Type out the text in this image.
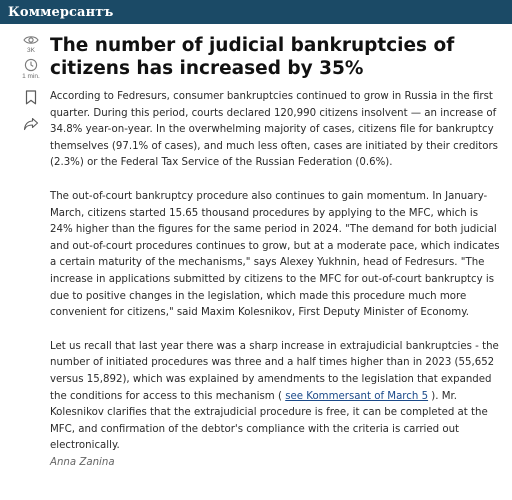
Коммерсантъ
3K
1 min.
The number of judicial bankruptcies of citizens has increased by 35%

According to Fedresurs, consumer bankruptcies continued to grow in Russia in the first quarter. During this period, courts declared 120,990 citizens insolvent — an increase of 34.8% year-on-year. In the overwhelming majority of cases, citizens file for bankruptcy themselves (97.1% of cases), and much less often, cases are initiated by their creditors (2.3%) or the Federal Tax Service of the Russian Federation (0.6%).

The out-of-court bankruptcy procedure also continues to gain momentum. In January-March, citizens started 15.65 thousand procedures by applying to the MFC, which is 24% higher than the figures for the same period in 2024. "The demand for both judicial and out-of-court procedures continues to grow, but at a moderate pace, which indicates a certain maturity of the mechanisms," says Alexey Yukhnin, head of Fedresurs. "The increase in applications submitted by citizens to the MFC for out-of-court bankruptcy is due to positive changes in the legislation, which made this procedure much more convenient for citizens," said Maxim Kolesnikov, First Deputy Minister of Economy.

Let us recall that last year there was a sharp increase in extrajudicial bankruptcies - the number of initiated procedures was three and a half times higher than in 2023 (55,652 versus 15,892), which was explained by amendments to the legislation that expanded the conditions for access to this mechanism ( see Kommersant of March 5 ). Mr. Kolesnikov clarifies that the extrajudicial procedure is free, it can be completed at the MFC, and confirmation of the debtor's compliance with the criteria is carried out electronically.

Anna Zanina
